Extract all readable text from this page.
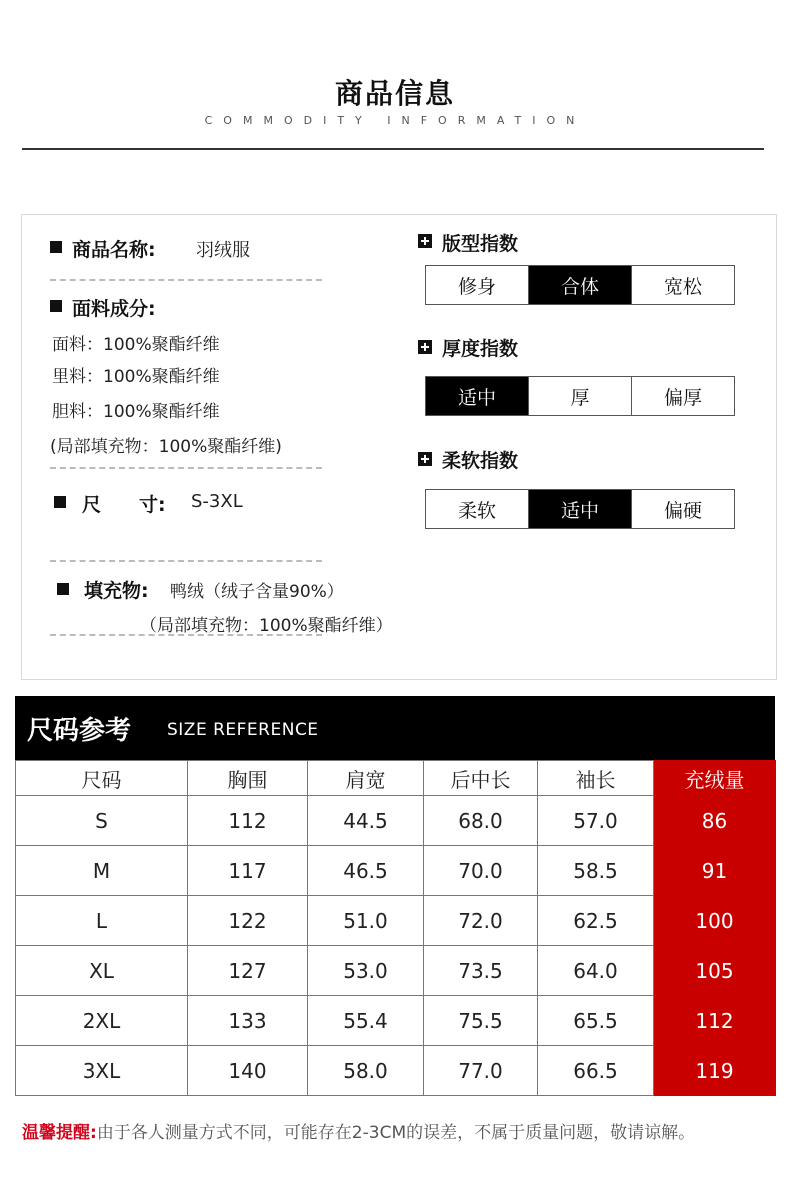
商品信息
COMMODITY INFORMATION
商品名称: 羽绒服
面料成分:
面料：100%聚酯纤维
里料：100%聚酯纤维
胆料：100%聚酯纤维
(局部填充物：100%聚酯纤维)
尺　　寸: S-3XL
填充物: 鸭绒（绒子含量90%）
（局部填充物：100%聚酯纤维）
版型指数
修身	合体	宽松
厚度指数
适中	厚	偏厚
柔软指数
柔软	适中	偏硬
尺码参考 SIZE REFERENCE
尺码	胸围	肩宽	后中长	袖长	充绒量
S	112	44.5	68.0	57.0	86
M	117	46.5	70.0	58.5	91
L	122	51.0	72.0	62.5	100
XL	127	53.0	73.5	64.0	105
2XL	133	55.4	75.5	65.5	112
3XL	140	58.0	77.0	66.5	119
温馨提醒:由于各人测量方式不同，可能存在2-3CM的误差，不属于质量问题，敬请谅解。
